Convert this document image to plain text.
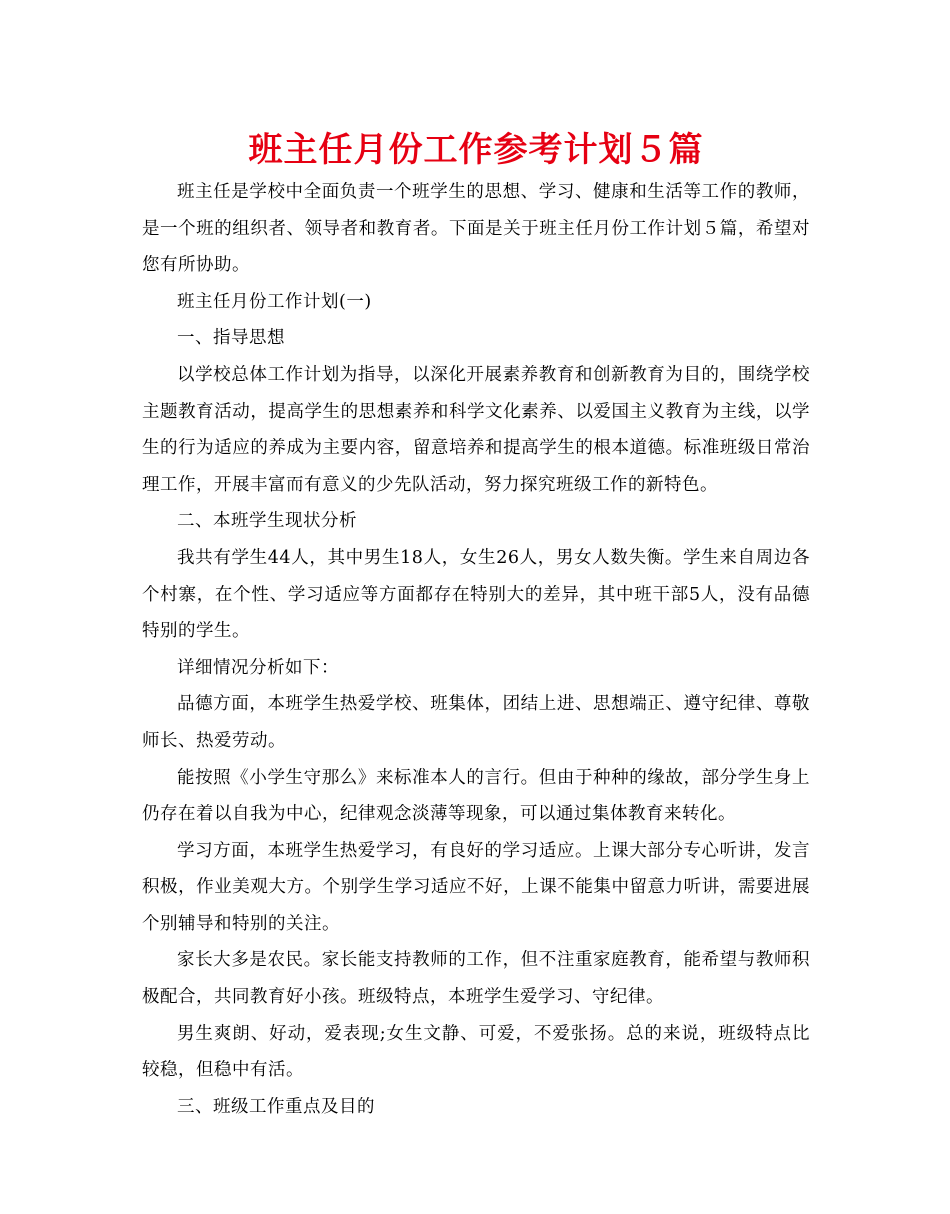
班主任月份工作参考计划５篇

班主任是学校中全面负责一个班学生的思想、学习、健康和生活等工作的教师，是一个班的组织者、领导者和教育者。下面是关于班主任月份工作计划５篇，希望对您有所协助。

班主任月份工作计划(一)

一、指导思想

以学校总体工作计划为指导，以深化开展素养教育和创新教育为目的，围绕学校主题教育活动，提高学生的思想素养和科学文化素养、以爱国主义教育为主线，以学生的行为适应的养成为主要内容，留意培养和提高学生的根本道德。标准班级日常治理工作，开展丰富而有意义的少先队活动，努力探究班级工作的新特色。

二、本班学生现状分析

我共有学生44人，其中男生18人，女生26人，男女人数失衡。学生来自周边各个村寨，在个性、学习适应等方面都存在特别大的差异，其中班干部5人，没有品德特别的学生。

详细情况分析如下：

品德方面，本班学生热爱学校、班集体，团结上进、思想端正、遵守纪律、尊敬师长、热爱劳动。

能按照《小学生守那么》来标准本人的言行。但由于种种的缘故，部分学生身上仍存在着以自我为中心，纪律观念淡薄等现象，可以通过集体教育来转化。

学习方面，本班学生热爱学习，有良好的学习适应。上课大部分专心听讲，发言积极，作业美观大方。个别学生学习适应不好，上课不能集中留意力听讲，需要进展个别辅导和特别的关注。

家长大多是农民。家长能支持教师的工作，但不注重家庭教育，能希望与教师积极配合，共同教育好小孩。班级特点，本班学生爱学习、守纪律。

男生爽朗、好动，爱表现;女生文静、可爱，不爱张扬。总的来说，班级特点比较稳，但稳中有活。

三、班级工作重点及目的
